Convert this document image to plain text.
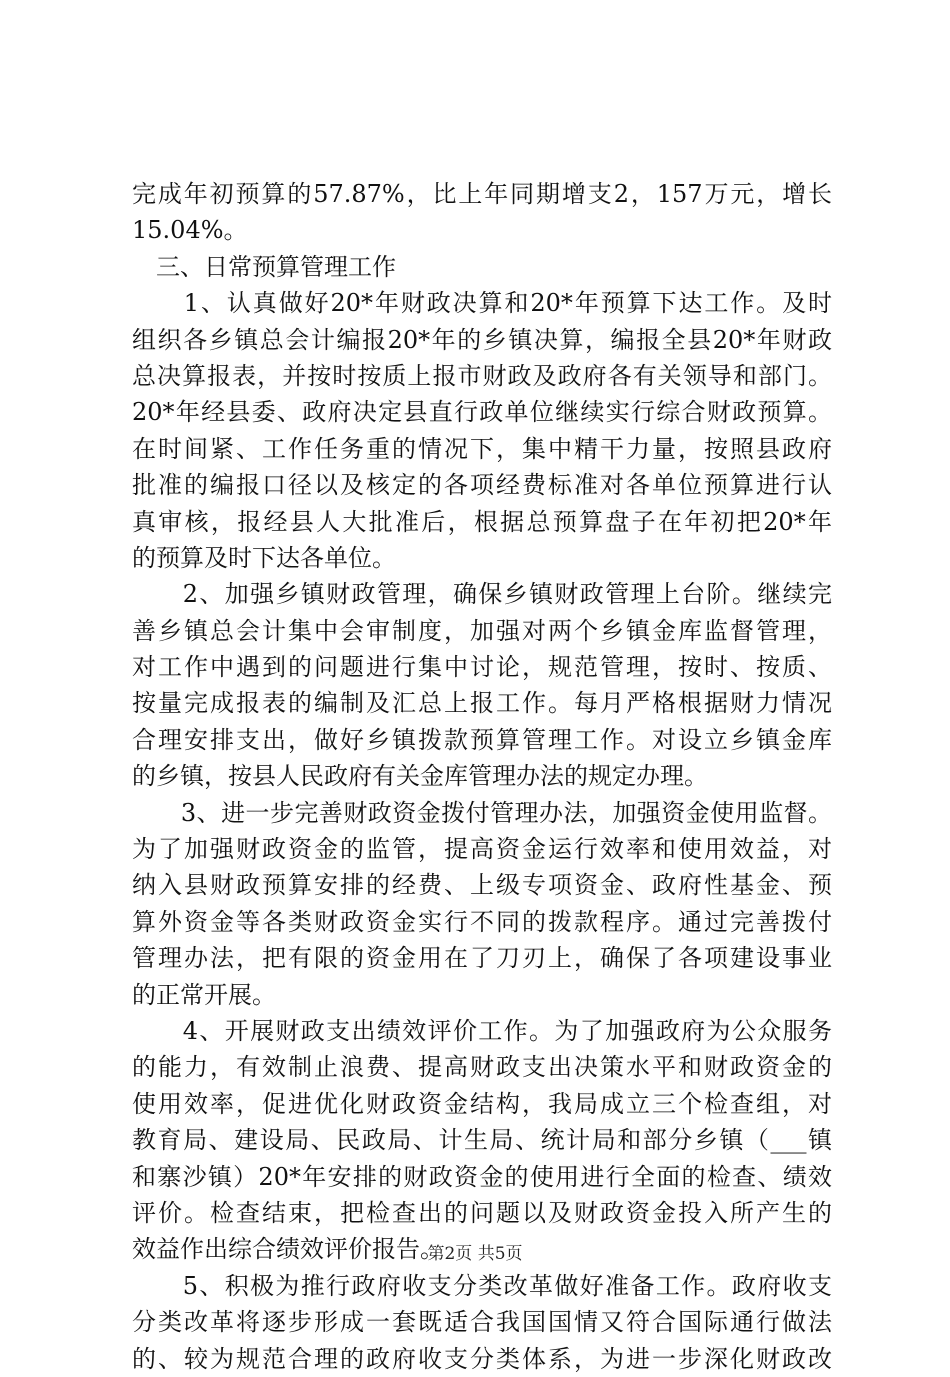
完成年初预算的57.87%，比上年同期增支2，157万元，增长
15.04%。
　三、日常预算管理工作
　　1、认真做好20*年财政决算和20*年预算下达工作。及时
组织各乡镇总会计编报20*年的乡镇决算，编报全县20*年财政
总决算报表，并按时按质上报市财政及政府各有关领导和部门。
20*年经县委、政府决定县直行政单位继续实行综合财政预算。
在时间紧、工作任务重的情况下，集中精干力量，按照县政府
批准的编报口径以及核定的各项经费标准对各单位预算进行认
真审核，报经县人大批准后，根据总预算盘子在年初把20*年
的预算及时下达各单位。
　　2、加强乡镇财政管理，确保乡镇财政管理上台阶。继续完
善乡镇总会计集中会审制度，加强对两个乡镇金库监督管理，
对工作中遇到的问题进行集中讨论，规范管理，按时、按质、
按量完成报表的编制及汇总上报工作。每月严格根据财力情况
合理安排支出，做好乡镇拨款预算管理工作。对设立乡镇金库
的乡镇，按县人民政府有关金库管理办法的规定办理。
　　3、进一步完善财政资金拨付管理办法，加强资金使用监督。
为了加强财政资金的监管，提高资金运行效率和使用效益，对
纳入县财政预算安排的经费、上级专项资金、政府性基金、预
算外资金等各类财政资金实行不同的拨款程序。通过完善拨付
管理办法，把有限的资金用在了刀刃上，确保了各项建设事业
的正常开展。
　　4、开展财政支出绩效评价工作。为了加强政府为公众服务
的能力，有效制止浪费、提高财政支出决策水平和财政资金的
使用效率，促进优化财政资金结构，我局成立三个检查组，对
教育局、建设局、民政局、计生局、统计局和部分乡镇（___镇
和寨沙镇）20*年安排的财政资金的使用进行全面的检查、绩效
评价。检查结束，把检查出的问题以及财政资金投入所产生的
效益作出综合绩效评价报告。
　　5、积极为推行政府收支分类改革做好准备工作。政府收支
分类改革将逐步形成一套既适合我国国情又符合国际通行做法
的、较为规范合理的政府收支分类体系，为进一步深化财政改
第2页 共5页
